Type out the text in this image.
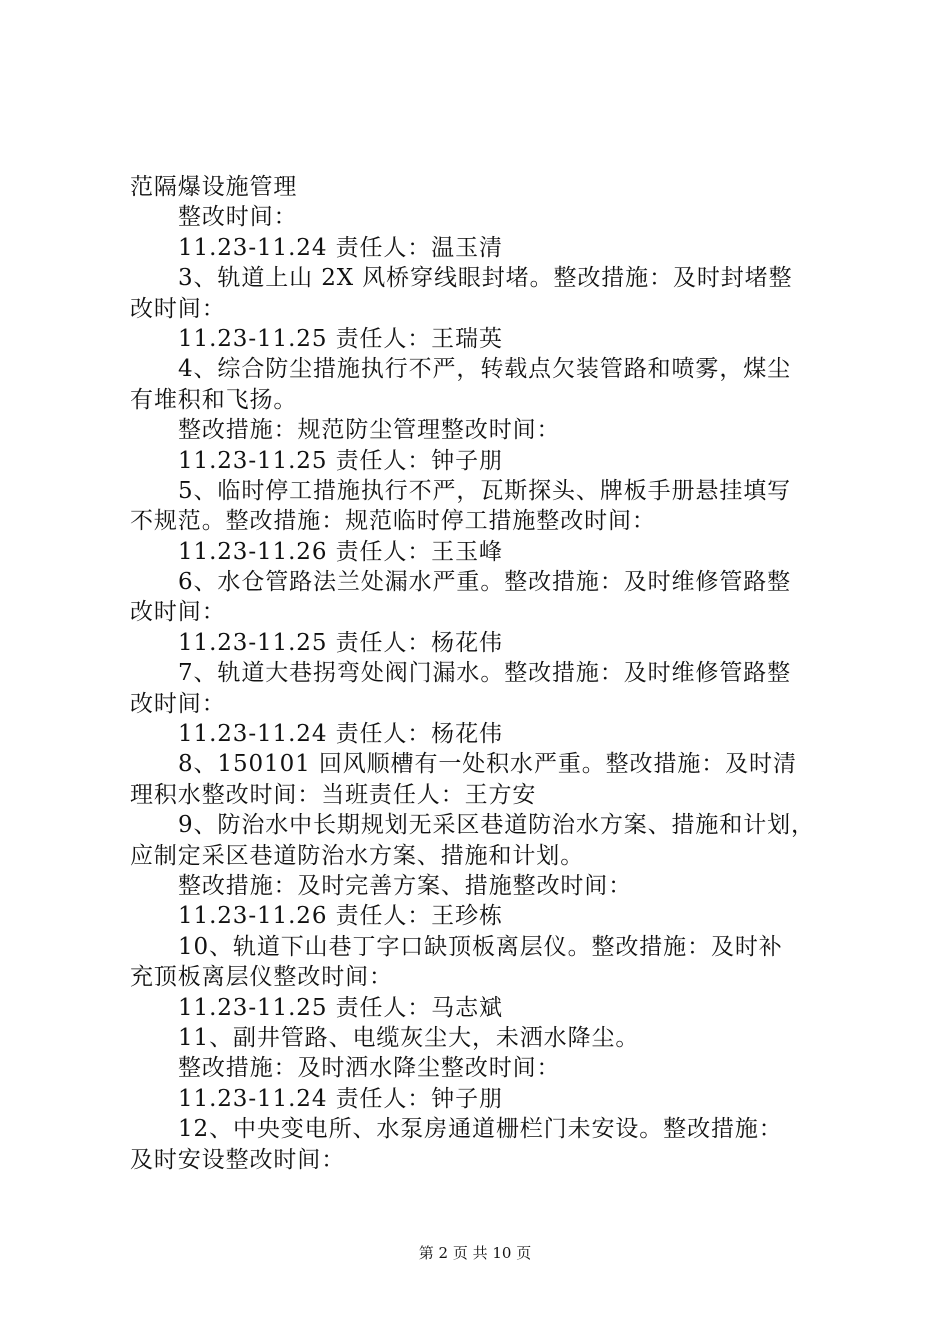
范隔爆设施管理
整改时间：
11.23-11.24 责任人：温玉清
3、轨道上山 2X 风桥穿线眼封堵。整改措施：及时封堵整
改时间：
11.23-11.25 责任人：王瑞英
4、综合防尘措施执行不严，转载点欠装管路和喷雾，煤尘
有堆积和飞扬。
整改措施：规范防尘管理整改时间：
11.23-11.25 责任人：钟子朋
5、临时停工措施执行不严，瓦斯探头、牌板手册悬挂填写
不规范。整改措施：规范临时停工措施整改时间：
11.23-11.26 责任人：王玉峰
6、水仓管路法兰处漏水严重。整改措施：及时维修管路整
改时间：
11.23-11.25 责任人：杨花伟
7、轨道大巷拐弯处阀门漏水。整改措施：及时维修管路整
改时间：
11.23-11.24 责任人：杨花伟
8、150101 回风顺槽有一处积水严重。整改措施：及时清
理积水整改时间：当班责任人：王方安
9、防治水中长期规划无采区巷道防治水方案、措施和计划，
应制定采区巷道防治水方案、措施和计划。
整改措施：及时完善方案、措施整改时间：
11.23-11.26 责任人：王珍栋
10、轨道下山巷丁字口缺顶板离层仪。整改措施：及时补
充顶板离层仪整改时间：
11.23-11.25 责任人：马志斌
11、副井管路、电缆灰尘大，未洒水降尘。
整改措施：及时洒水降尘整改时间：
11.23-11.24 责任人：钟子朋
12、中央变电所、水泵房通道栅栏门未安设。整改措施：
及时安设整改时间：
第 2 页 共 10 页
